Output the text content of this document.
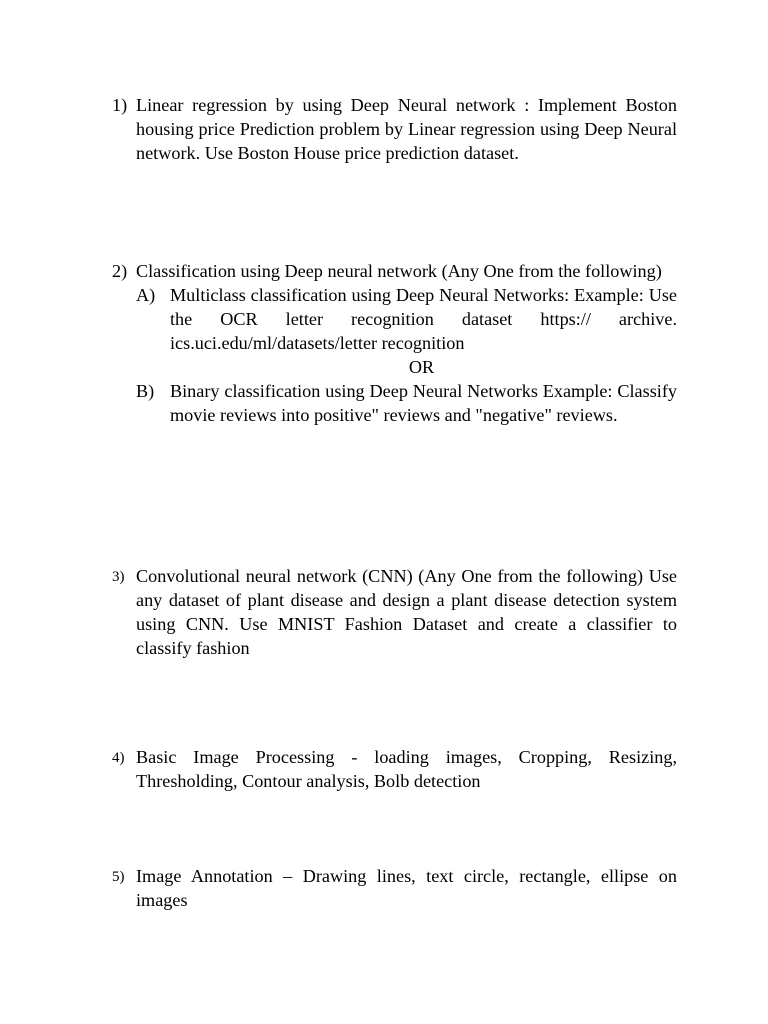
1) Linear regression by using Deep Neural network : Implement Boston housing price Prediction problem by Linear regression using Deep Neural network. Use Boston House price prediction dataset.
2) Classification using Deep neural network (Any One from the following)
A) Multiclass classification using Deep Neural Networks: Example: Use the OCR letter recognition dataset https:// archive. ics.uci.edu/ml/datasets/letter recognition
OR
B) Binary classification using Deep Neural Networks Example: Classify movie reviews into positive" reviews and "negative" reviews.
3) Convolutional neural network (CNN) (Any One from the following) Use any dataset of plant disease and design a plant disease detection system using CNN. Use MNIST Fashion Dataset and create a classifier to classify fashion
4) Basic Image Processing - loading images, Cropping, Resizing, Thresholding, Contour analysis, Bolb detection
5) Image Annotation – Drawing lines, text circle, rectangle, ellipse on images
